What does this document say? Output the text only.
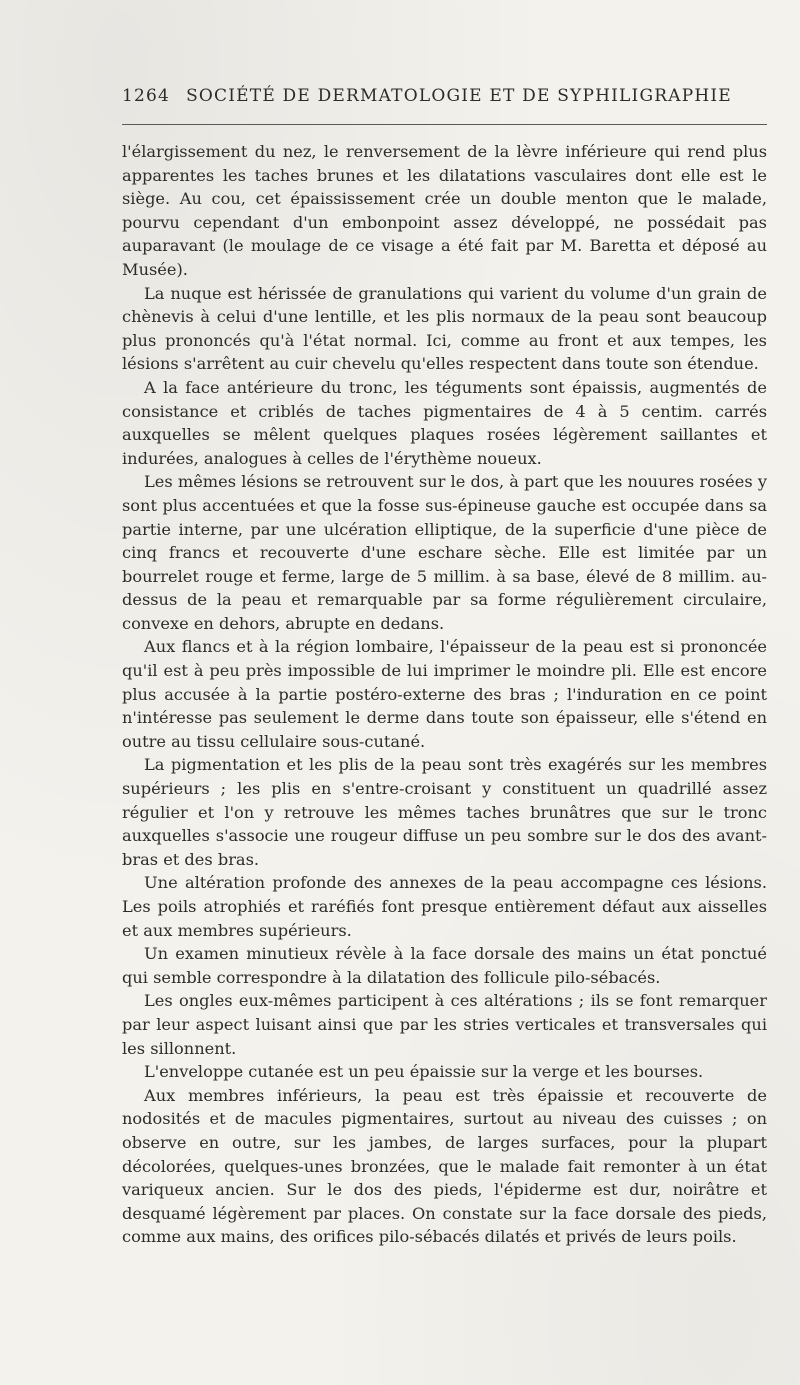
1264 SOCIÉTÉ DE DERMATOLOGIE ET DE SYPHILIGRAPHIE

l'élargissement du nez, le renversement de la lèvre inférieure qui rend plus apparentes les taches brunes et les dilatations vasculaires dont elle est le siège. Au cou, cet épaississement crée un double menton que le malade, pourvu cependant d'un embonpoint assez développé, ne possédait pas auparavant (le moulage de ce visage a été fait par M. Baretta et déposé au Musée).

La nuque est hérissée de granulations qui varient du volume d'un grain de chènevis à celui d'une lentille, et les plis normaux de la peau sont beaucoup plus prononcés qu'à l'état normal. Ici, comme au front et aux tempes, les lésions s'arrêtent au cuir chevelu qu'elles respectent dans toute son étendue.

A la face antérieure du tronc, les téguments sont épaissis, augmentés de consistance et criblés de taches pigmentaires de 4 à 5 centim. carrés auxquelles se mêlent quelques plaques rosées légèrement saillantes et indurées, analogues à celles de l'érythème noueux.

Les mêmes lésions se retrouvent sur le dos, à part que les nouures rosées y sont plus accentuées et que la fosse sus-épineuse gauche est occupée dans sa partie interne, par une ulcération elliptique, de la superficie d'une pièce de cinq francs et recouverte d'une eschare sèche. Elle est limitée par un bourrelet rouge et ferme, large de 5 millim. à sa base, élevé de 8 millim. au-dessus de la peau et remarquable par sa forme régulièrement circulaire, convexe en dehors, abrupte en dedans.

Aux flancs et à la région lombaire, l'épaisseur de la peau est si prononcée qu'il est à peu près impossible de lui imprimer le moindre pli. Elle est encore plus accusée à la partie postéro-externe des bras ; l'induration en ce point n'intéresse pas seulement le derme dans toute son épaisseur, elle s'étend en outre au tissu cellulaire sous-cutané.

La pigmentation et les plis de la peau sont très exagérés sur les membres supérieurs ; les plis en s'entre-croisant y constituent un quadrillé assez régulier et l'on y retrouve les mêmes taches brunâtres que sur le tronc auxquelles s'associe une rougeur diffuse un peu sombre sur le dos des avant-bras et des bras.

Une altération profonde des annexes de la peau accompagne ces lésions. Les poils atrophiés et raréfiés font presque entièrement défaut aux aisselles et aux membres supérieurs.

Un examen minutieux révèle à la face dorsale des mains un état ponctué qui semble correspondre à la dilatation des follicule pilo-sébacés.

Les ongles eux-mêmes participent à ces altérations ; ils se font remarquer par leur aspect luisant ainsi que par les stries verticales et transversales qui les sillonnent.

L'enveloppe cutanée est un peu épaissie sur la verge et les bourses.

Aux membres inférieurs, la peau est très épaissie et recouverte de nodosités et de macules pigmentaires, surtout au niveau des cuisses ; on observe en outre, sur les jambes, de larges surfaces, pour la plupart décolorées, quelques-unes bronzées, que le malade fait remonter à un état variqueux ancien. Sur le dos des pieds, l'épiderme est dur, noirâtre et desquamé légèrement par places. On constate sur la face dorsale des pieds, comme aux mains, des orifices pilo-sébacés dilatés et privés de leurs poils.
